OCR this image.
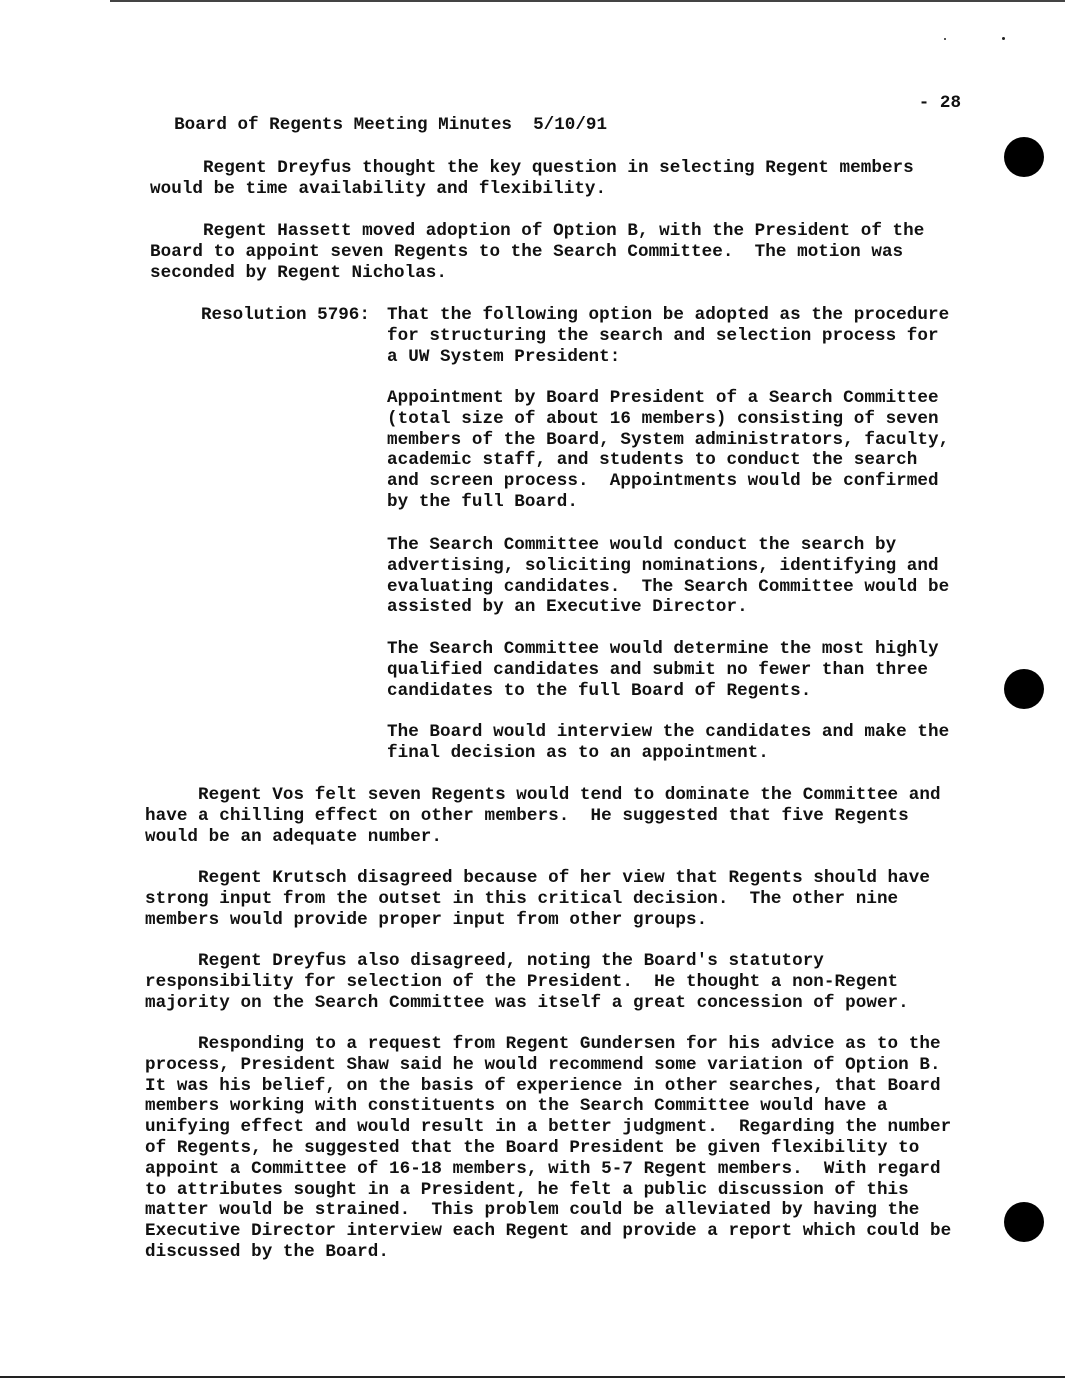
Board of Regents Meeting Minutes 5/10/91

- 28

Regent Dreyfus thought the key question in selecting Regent members
would be time availability and flexibility.

Regent Hassett moved adoption of Option B, with the President of the
Board to appoint seven Regents to the Search Committee.  The motion was
seconded by Regent Nicholas.

Resolution 5796: That the following option be adopted as the procedure
for structuring the search and selection process for
a UW System President:

Appointment by Board President of a Search Committee
(total size of about 16 members) consisting of seven
members of the Board, System administrators, faculty,
academic staff, and students to conduct the search
and screen process.  Appointments would be confirmed
by the full Board.

The Search Committee would conduct the search by
advertising, soliciting nominations, identifying and
evaluating candidates.  The Search Committee would be
assisted by an Executive Director.

The Search Committee would determine the most highly
qualified candidates and submit no fewer than three
candidates to the full Board of Regents.

The Board would interview the candidates and make the
final decision as to an appointment.

Regent Vos felt seven Regents would tend to dominate the Committee and
have a chilling effect on other members.  He suggested that five Regents
would be an adequate number.

Regent Krutsch disagreed because of her view that Regents should have
strong input from the outset in this critical decision.  The other nine
members would provide proper input from other groups.

Regent Dreyfus also disagreed, noting the Board's statutory
responsibility for selection of the President.  He thought a non-Regent
majority on the Search Committee was itself a great concession of power.

Responding to a request from Regent Gundersen for his advice as to the
process, President Shaw said he would recommend some variation of Option B.
It was his belief, on the basis of experience in other searches, that Board
members working with constituents on the Search Committee would have a
unifying effect and would result in a better judgment.  Regarding the number
of Regents, he suggested that the Board President be given flexibility to
appoint a Committee of 16-18 members, with 5-7 Regent members.  With regard
to attributes sought in a President, he felt a public discussion of this
matter would be strained.  This problem could be alleviated by having the
Executive Director interview each Regent and provide a report which could be
discussed by the Board.
